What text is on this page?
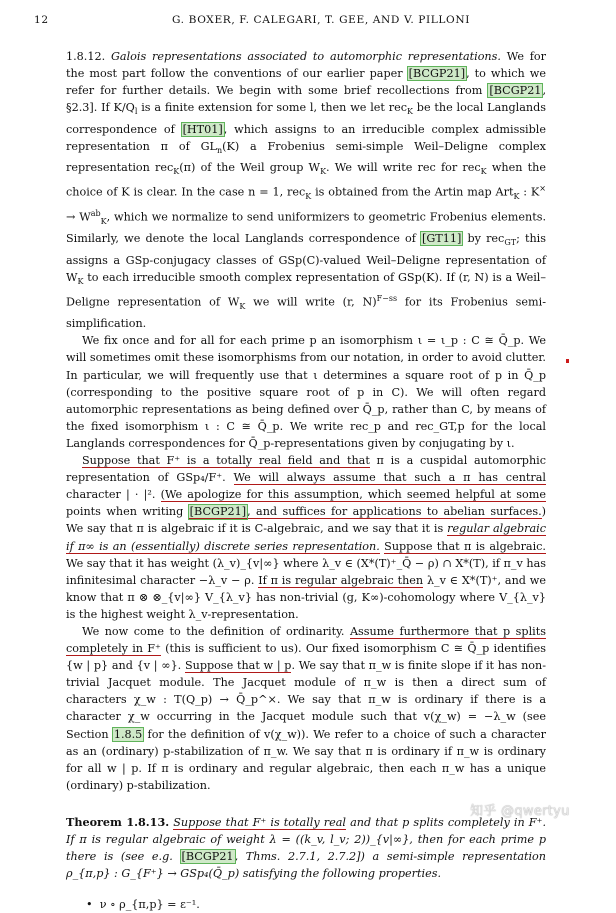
12	G. BOXER, F. CALEGARI, T. GEE, AND V. PILLONI

1.8.12. Galois representations associated to automorphic representations. We for the most part follow the conventions of our earlier paper [BCGP21], to which we refer for further details. We begin with some brief recollections from [BCGP21, §2.3]. If $K/Q_l$ is a finite extension for some l, then we let rec$_K$ be the local Langlands correspondence of [HT01], which assigns to an irreducible complex admissible representation π of $GL_n(K)$ a Frobenius semi-simple Weil–Deligne complex representation rec$_K$(π) of the Weil group $W_K$. We will write rec for rec$_K$ when the choice of K is clear. In the case n = 1, rec$_K$ is obtained from the Artin map Art$_K$ : $K^\times \to W^{ab}_K$, which we normalize to send uniformizers to geometric Frobenius elements. Similarly, we denote the local Langlands correspondence of [GT11] by rec$_{GT}$; this assigns a GSp-conjugacy classes of GSp(C)-valued Weil–Deligne representation of $W_K$ to each irreducible smooth complex representation of GSp(K). If (r, N) is a Weil–Deligne representation of $W_K$ we will write (r, N)$^{F-ss}$ for its Frobenius semi-simplification.

We fix once and for all for each prime p an isomorphism ι = ι_p : C ≅ Q̄_p. We will sometimes omit these isomorphisms from our notation, in order to avoid clutter. In particular, we will frequently use that ι determines a square root of p in Q̄_p (corresponding to the positive square root of p in C). We will often regard automorphic representations as being defined over Q̄_p, rather than C, by means of the fixed isomorphism ι : C ≅ Q̄_p. We write rec_p and rec_GT,p for the local Langlands correspondences for Q̄_p-representations given by conjugating by ι.

Suppose that F⁺ is a totally real field and that π is a cuspidal automorphic representation of GSp₄/F⁺. We will always assume that such a π has central character | · |². (We apologize for this assumption, which seemed helpful at some points when writing [BCGP21], and suffices for applications to abelian surfaces.) We say that π is algebraic if it is C-algebraic, and we say that it is regular algebraic if π∞ is an (essentially) discrete series representation. Suppose that π is algebraic. We say that it has weight (λ_v)_{v|∞} where λ_v ∈ (X*(T)⁺_Q̄ − ρ) ∩ X*(T), if π_v has infinitesimal character −λ_v − ρ. If π is regular algebraic then λ_v ∈ X*(T)⁺, and we know that π ⊗ ⊗_{v|∞} V_{λ_v} has non-trivial (g, K∞)-cohomology where V_{λ_v} is the highest weight λ_v-representation.

We now come to the definition of ordinarity. Assume furthermore that p splits completely in F⁺ (this is sufficient to us). Our fixed isomorphism C ≅ Q̄_p identifies {w | p} and {v | ∞}. Suppose that w | p. We say that π_w is finite slope if it has non-trivial Jacquet module. The Jacquet module of π_w is then a direct sum of characters χ_w : T(Q_p) → Q̄_p^×. We say that π_w is ordinary if there is a character χ_w occurring in the Jacquet module such that v(χ_w) = −λ_w (see Section 1.8.5 for the definition of v(χ_w)). We refer to a choice of such a character as an (ordinary) p-stabilization of π_w. We say that π is ordinary if π_w is ordinary for all w | p. If π is ordinary and regular algebraic, then each π_w has a unique (ordinary) p-stabilization.

Theorem 1.8.13. Suppose that F⁺ is totally real and that p splits completely in F⁺. If π is regular algebraic of weight λ = ((k_v, l_v; 2))_{v|∞}, then for each prime p there is (see e.g. [BCGP21, Thms. 2.7.1, 2.7.2]) a semi-simple representation ρ_{π,p} : G_{F⁺} → GSp₄(Q̄_p) satisfying the following properties.

•  ν ∘ ρ_{π,p} = ε⁻¹.

知乎 @qwertyu
